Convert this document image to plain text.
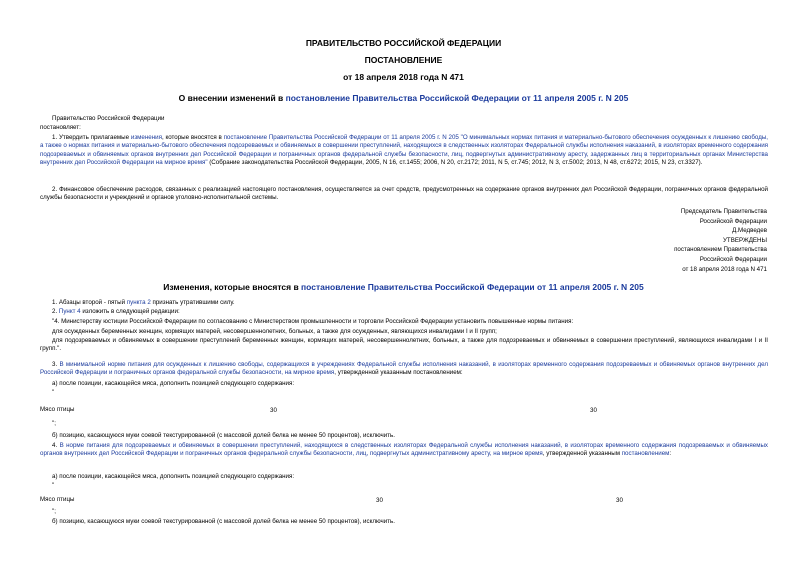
ПРАВИТЕЛЬСТВО РОССИЙСКОЙ ФЕДЕРАЦИИ
ПОСТАНОВЛЕНИЕ
от 18 апреля 2018 года N 471
О внесении изменений в постановление Правительства Российской Федерации от 11 апреля 2005 г. N 205
Правительство Российской Федерации
постановляет:
1. Утвердить прилагаемые изменения, которые вносятся в постановление Правительства Российской Федерации от 11 апреля 2005 г. N 205 "О минимальных нормах питания и материально-бытового обеспечения осужденных к лишению свободы, а также о нормах питания и материально-бытового обеспечения подозреваемых и обвиняемых в совершении преступлений, находящихся в следственных изоляторах Федеральной службы исполнения наказаний, в изоляторах временного содержания подозреваемых и обвиняемых органов внутренних дел Российской Федерации и пограничных органов федеральной службы безопасности, лиц, подвергнутых административному аресту, задержанных лиц в территориальных органах Министерства внутренних дел Российской Федерации на мирное время" (Собрание законодательства Российской Федерации, 2005, N 16, ст.1455; 2006, N 20, ст.2172; 2011, N 5, ст.745; 2012, N 3, ст.5002; 2013, N 48, ст.6272; 2015, N 23, ст.3327).
2. Финансовое обеспечение расходов, связанных с реализацией настоящего постановления, осуществляется за счет средств, предусмотренных на содержание органов внутренних дел Российской Федерации, пограничных органов федеральной службы безопасности и учреждений и органов уголовно-исполнительной системы.
Председатель Правительства
Российской Федерации
Д.Медведев
УТВЕРЖДЕНЫ
постановлением Правительства
Российской Федерации
от 18 апреля 2018 года N 471
Изменения, которые вносятся в постановление Правительства Российской Федерации от 11 апреля 2005 г. N 205
1. Абзацы второй - пятый пункта 2 признать утратившими силу.
2. Пункт 4 изложить в следующей редакции:
"4. Министерству юстиции Российской Федерации по согласованию с Министерством промышленности и торговли Российской Федерации установить повышенные нормы питания:
для осужденных беременных женщин, кормящих матерей, несовершеннолетних, больных, а также для осужденных, являющихся инвалидами I и II групп;
для подозреваемых и обвиняемых в совершении преступлений беременных женщин, кормящих матерей, несовершеннолетних, больных, а также для подозреваемых и обвиняемых в совершении преступлений, являющихся инвалидами I и II групп.".
3. В минимальной норме питания для осужденных к лишению свободы, содержащихся в учреждениях Федеральной службы исполнения наказаний, в изоляторах временного содержания подозреваемых и обвиняемых органов внутренних дел Российской Федерации и пограничных органов федеральной службы безопасности, на мирное время, утвержденной указанным постановлением:
а) после позиции, касающейся мяса, дополнить позицией следующего содержания:
"
Мясо птицы	30	30
";
б) позицию, касающуюся муки соевой текстурированной (с массовой долей белка не менее 50 процентов), исключить.
4. В норме питания для подозреваемых и обвиняемых в совершении преступлений, находящихся в следственных изоляторах Федеральной службы исполнения наказаний, в изоляторах временного содержания подозреваемых и обвиняемых органов внутренних дел Российской Федерации и пограничных органов федеральной службы безопасности, лиц, подвергнутых административному аресту, на мирное время, утвержденной указанным постановлением:
а) после позиции, касающейся мяса, дополнить позицией следующего содержания:
"
Мясо птицы	30	30
";
б) позицию, касающуюся муки соевой текстурированной (с массовой долей белка не менее 50 процентов), исключить.
